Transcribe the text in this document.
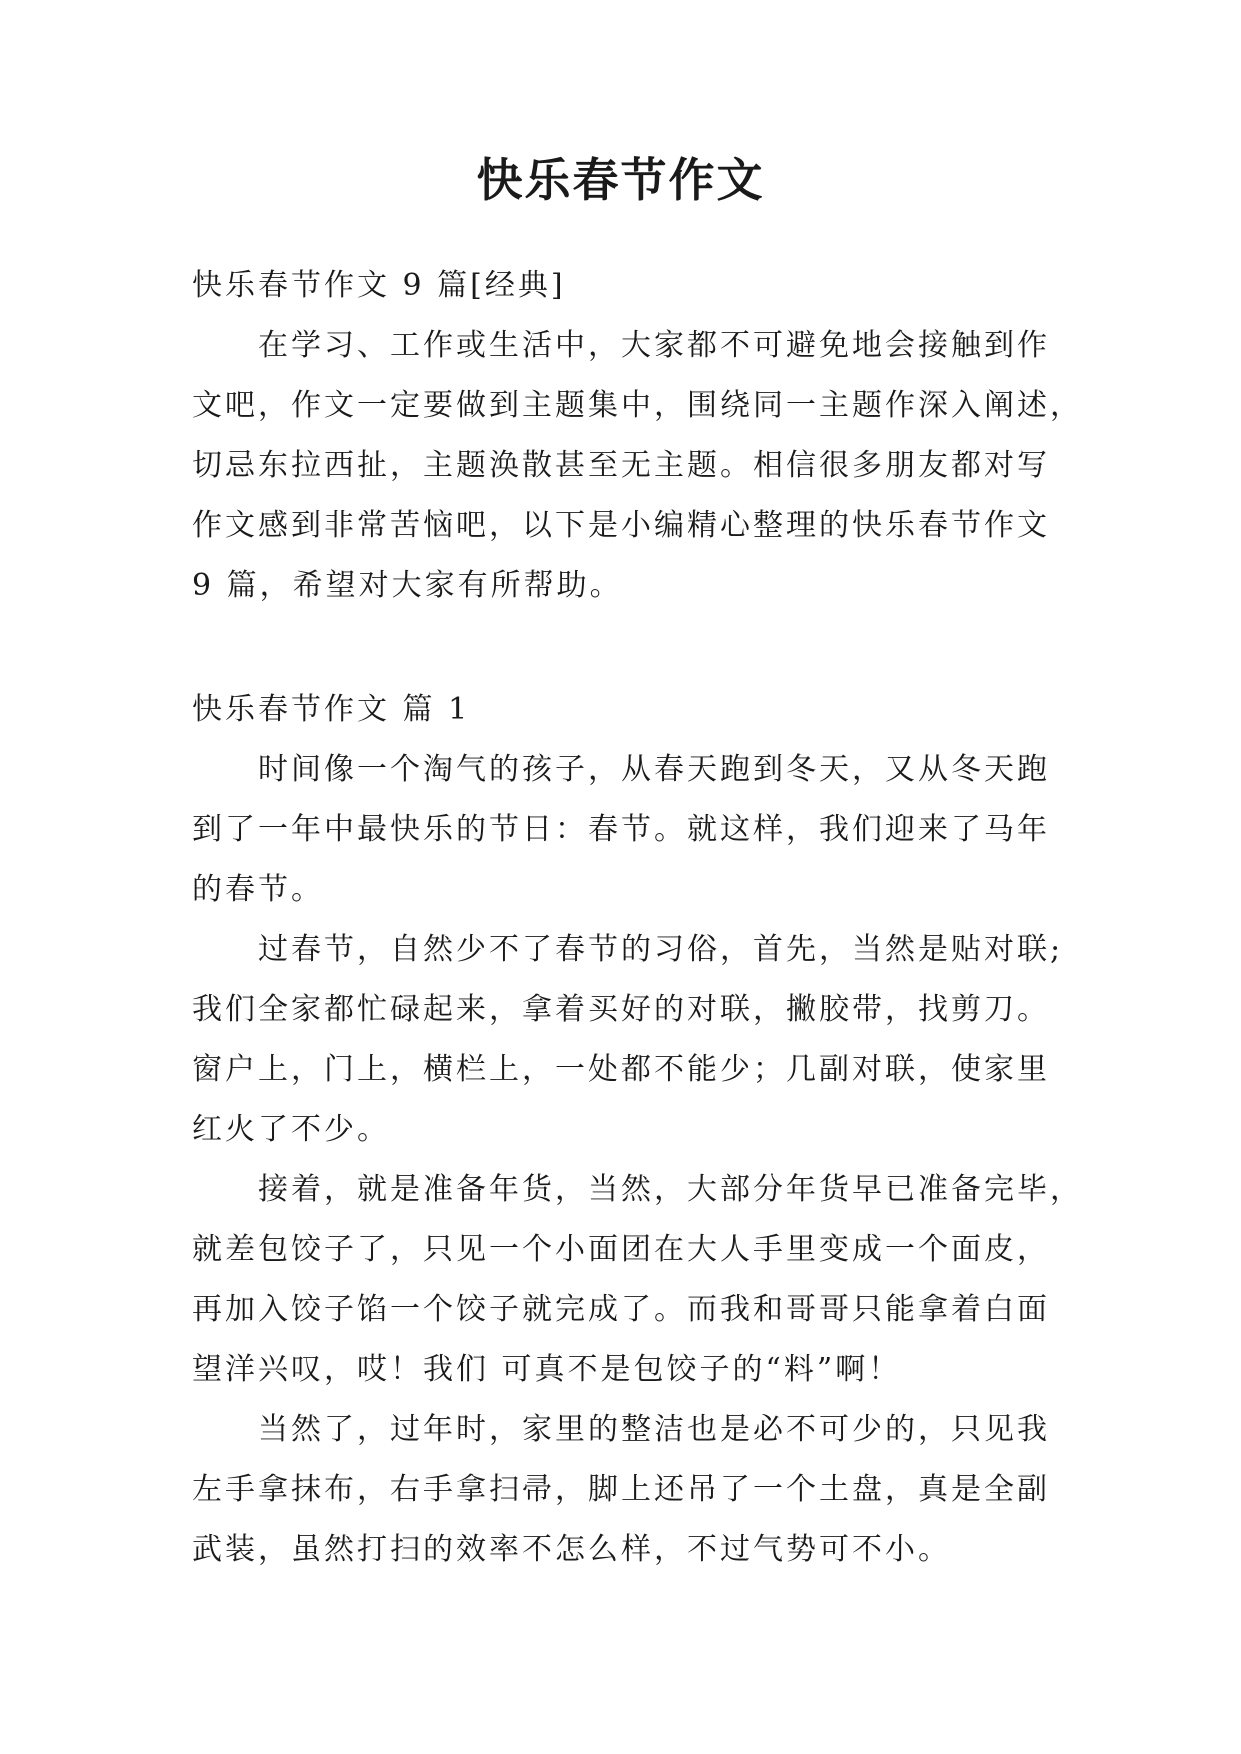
快乐春节作文

快乐春节作文 9 篇[经典]

在学习、工作或生活中，大家都不可避免地会接触到作

文吧，作文一定要做到主题集中，围绕同一主题作深入阐述，

切忌东拉西扯，主题涣散甚至无主题。相信很多朋友都对写

作文感到非常苦恼吧，以下是小编精心整理的快乐春节作文

9 篇，希望对大家有所帮助。

快乐春节作文 篇 1

时间像一个淘气的孩子，从春天跑到冬天，又从冬天跑

到了一年中最快乐的节日：春节。就这样，我们迎来了马年

的春节。

过春节，自然少不了春节的习俗，首先，当然是贴对联;

我们全家都忙碌起来，拿着买好的对联，撇胶带，找剪刀。

窗户上，门上，横栏上，一处都不能少；几副对联，使家里

红火了不少。

接着，就是准备年货，当然，大部分年货早已准备完毕，

就差包饺子了，只见一个小面团在大人手里变成一个面皮，

再加入饺子馅一个饺子就完成了。而我和哥哥只能拿着白面

望洋兴叹，哎！我们 可真不是包饺子的“料”啊！

当然了，过年时，家里的整洁也是必不可少的，只见我

左手拿抹布，右手拿扫帚，脚上还吊了一个土盘，真是全副

武装，虽然打扫的效率不怎么样，不过气势可不小。
